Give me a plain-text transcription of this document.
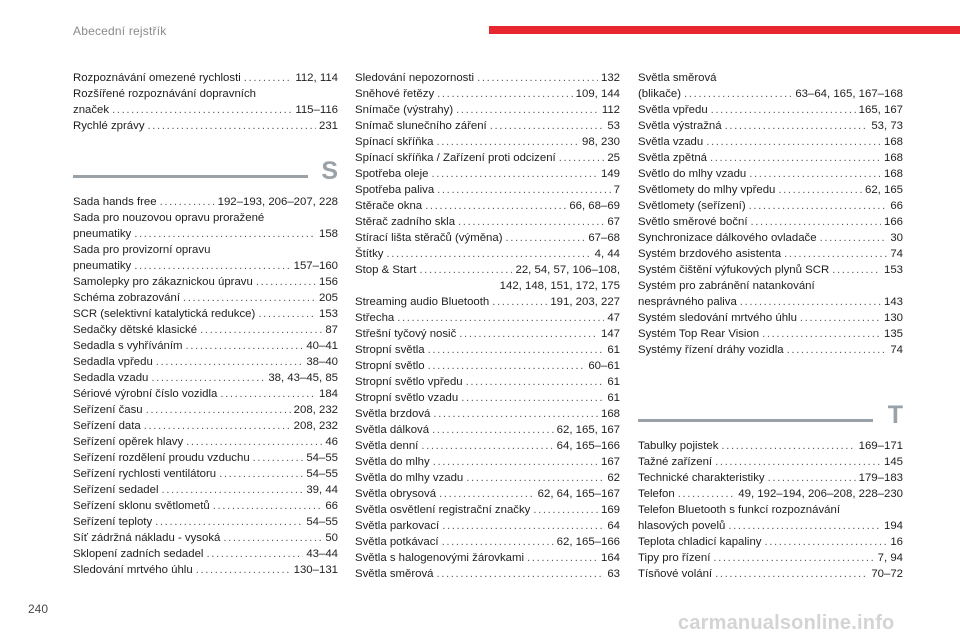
Abecední rejstřík
Rozpoznávání omezené rychlosti .....	112, 114
Rozšířené rozpoznávání dopravních
značek .....	115–116
Rychlé zprávy .....	231
S
Sada hands free .....	192–193, 206–207, 228
Sada pro nouzovou opravu proražené
pneumatiky .....	158
Sada pro provizorní opravu
pneumatiky .....	157–160
Samolepky pro zákaznickou úpravu .....	156
Schéma zobrazování .....	205
SCR (selektivní katalytická redukce) .....	153
Sedačky dětské klasické .....	87
Sedadla s vyhříváním .....	40–41
Sedadla vpředu .....	38–40
Sedadla vzadu .....	38, 43–45, 85
Sériové výrobní číslo vozidla .....	184
Seřízení času .....	208, 232
Seřízení data .....	208, 232
Seřízení opěrek hlavy .....	46
Seřízení rozdělení proudu vzduchu .....	54–55
Seřízení rychlosti ventilátoru .....	54–55
Seřízení sedadel .....	39, 44
Seřízení sklonu světlometů .....	66
Seřízení teploty .....	54–55
Síť zádržná nákladu - vysoká .....	50
Sklopení zadních sedadel .....	43–44
Sledování mrtvého úhlu .....	130–131
Sledování nepozornosti .....	132
Sněhové řetězy .....	109, 144
Snímače (výstrahy) .....	112
Snímač slunečního záření .....	53
Spínací skříňka .....	98, 230
Spínací skříňka / Zařízení proti odcizení .....	25
Spotřeba oleje .....	149
Spotřeba paliva .....	7
Stěrače okna .....	66, 68–69
Stěrač zadního skla .....	67
Stírací lišta stěračů (výměna) .....	67–68
Štítky .....	4, 44
Stop & Start .....	22, 54, 57, 106–108,
142, 148, 151, 172, 175
Streaming audio Bluetooth .....	191, 203, 227
Střecha .....	47
Střešní tyčový nosič .....	147
Stropní světla .....	61
Stropní světlo .....	60–61
Stropní světlo vpředu .....	61
Stropní světlo vzadu .....	61
Světla brzdová .....	168
Světla dálková .....	62, 165, 167
Světla denní .....	64, 165–166
Světla do mlhy .....	167
Světla do mlhy vzadu .....	62
Světla obrysová .....	62, 64, 165–167
Světla osvětlení registrační značky .....	169
Světla parkovací .....	64
Světla potkávací .....	62, 165–166
Světla s halogenovými žárovkami .....	164
Světla směrová .....	63
Světla směrová
(blikače) .....	63–64, 165, 167–168
Světla vpředu .....	165, 167
Světla výstražná .....	53, 73
Světla vzadu .....	168
Světla zpětná .....	168
Světlo do mlhy vzadu .....	168
Světlomety do mlhy vpředu .....	62, 165
Světlomety (seřízení) .....	66
Světlo směrové boční .....	166
Synchronizace dálkového ovladače .....	30
Systém brzdového asistenta .....	74
Systém čištění výfukových plynů SCR .....	153
Systém pro zabránění natankování
nesprávného paliva .....	143
Systém sledování mrtvého úhlu .....	130
Systém Top Rear Vision .....	135
Systémy řízení dráhy vozidla .....	74
T
Tabulky pojistek .....	169–171
Tažné zařízení .....	145
Technické charakteristiky .....	179–183
Telefon .....	49, 192–194, 206–208, 228–230
Telefon Bluetooth s funkcí rozpoznávání
hlasových povelů .....	194
Teplota chladicí kapaliny .....	16
Tipy pro řízení .....	7, 94
Tísňové volání .....	70–72
240
carmanualsonline.info
